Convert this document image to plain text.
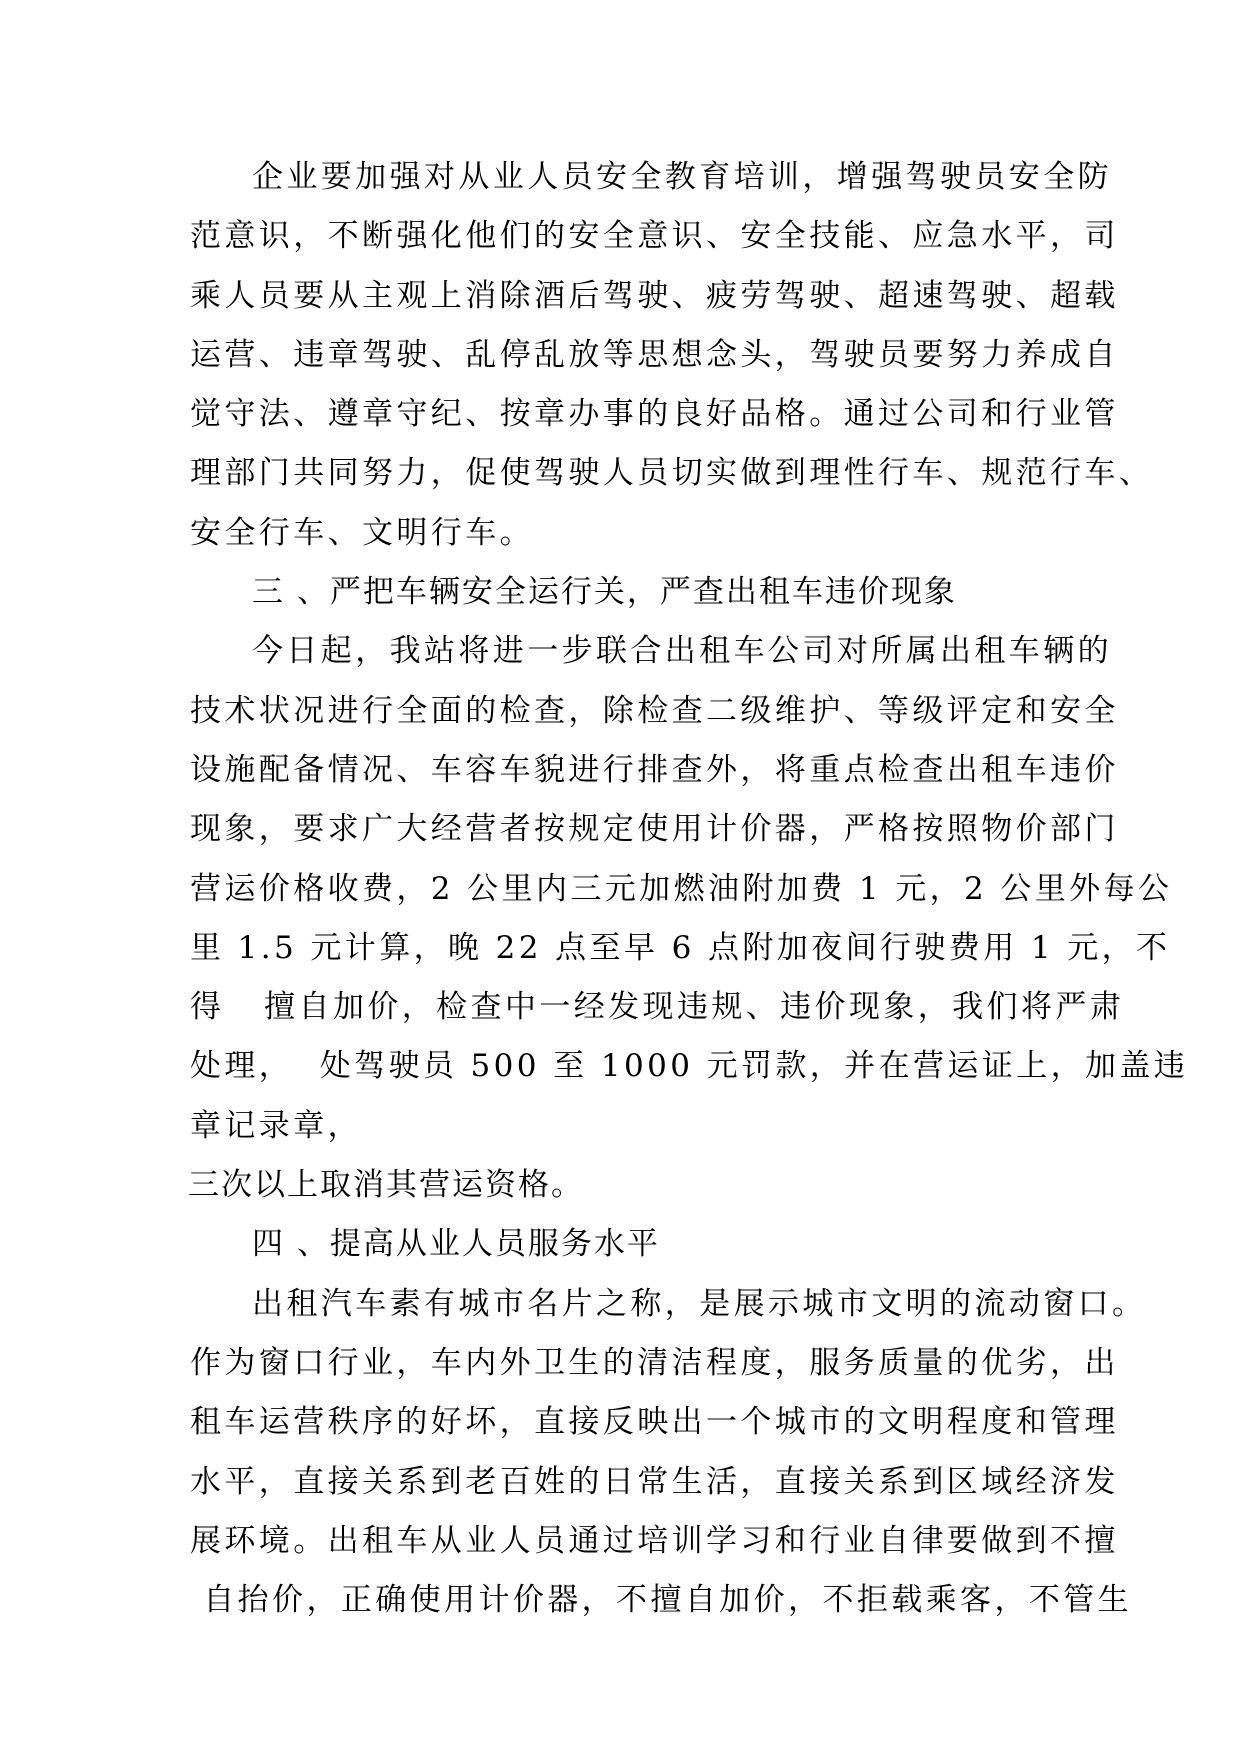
企业要加强对从业人员安全教育培训，增强驾驶员安全防
范意识，不断强化他们的安全意识、安全技能、应急水平，司
乘人员要从主观上消除酒后驾驶、疲劳驾驶、超速驾驶、超载
运营、违章驾驶、乱停乱放等思想念头，驾驶员要努力养成自
觉守法、遵章守纪、按章办事的良好品格。通过公司和行业管
理部门共同努力，促使驾驶人员切实做到理性行车、规范行车、
安全行车、文明行车。
三 、严把车辆安全运行关，严查出租车违价现象
今日起，我站将进一步联合出租车公司对所属出租车辆的
技术状况进行全面的检查，除检查二级维护、等级评定和安全
设施配备情况、车容车貌进行排查外，将重点检查出租车违价
现象，要求广大经营者按规定使用计价器，严格按照物价部门
营运价格收费，2 公里内三元加燃油附加费 1 元，2 公里外每公
里 1.5 元计算，晚 22 点至早 6 点附加夜间行驶费用 1 元，不
得   擅自加价，检查中一经发现违规、违价现象，我们将严肃
处理，  处驾驶员 500 至 1000 元罚款，并在营运证上，加盖违
章记录章，
三次以上取消其营运资格。
四 、提高从业人员服务水平
出租汽车素有城市名片之称，是展示城市文明的流动窗口。
作为窗口行业，车内外卫生的清洁程度，服务质量的优劣，出
租车运营秩序的好坏，直接反映出一个城市的文明程度和管理
水平，直接关系到老百姓的日常生活，直接关系到区域经济发
展环境。出租车从业人员通过培训学习和行业自律要做到不擅
自抬价，正确使用计价器，不擅自加价，不拒载乘客，不管生
